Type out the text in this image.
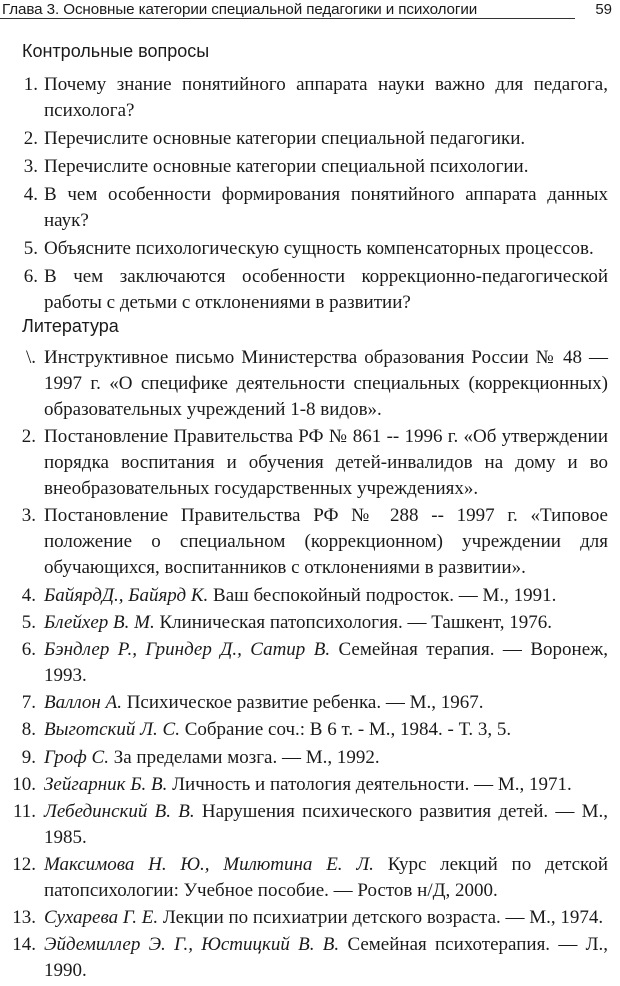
Глава 3. Основные категории специальной педагогики и психологии	59
Контрольные вопросы
1. Почему знание понятийного аппарата науки важно для педагога, психолога?
2. Перечислите основные категории специальной педагогики.
3. Перечислите основные категории специальной психологии.
4. В чем особенности формирования понятийного аппарата данных наук?
5. Объясните психологическую сущность компенсаторных процессов.
6. В чем заключаются особенности коррекционно-педагогической работы с детьми с отклонениями в развитии?
Литература
\. Инструктивное письмо Министерства образования России № 48 — 1997 г. «О специфике деятельности специальных (коррекционных) образовательных учреждений 1-8 видов».
2. Постановление Правительства РФ № 861 -- 1996 г. «Об утверждении порядка воспитания и обучения детей-инвалидов на дому и во внеобразовательных государственных учреждениях».
3. Постановление Правительства РФ № 288 -- 1997 г. «Типовое положение о специальном (коррекционном) учреждении для обучающихся, воспитанников с отклонениями в развитии».
4. БайярдД., Байярд К. Ваш беспокойный подросток. — М., 1991.
5. Блейхер В. М. Клиническая патопсихология. — Ташкент, 1976.
6. Бэндлер Р., Гриндер Д., Сатир В. Семейная терапия. — Воронеж, 1993.
7. Валлон А. Психическое развитие ребенка. — М., 1967.
8. Выготский Л. С. Собрание соч.: В 6 т. - М., 1984. - Т. 3, 5.
9. Гроф С. За пределами мозга. — М., 1992.
10. Зейгарник Б. В. Личность и патология деятельности. — М., 1971.
11. Лебединский В. В. Нарушения психического развития детей. — М., 1985.
12. Максимова Н. Ю., Милютина Е. Л. Курс лекций по детской патопсихологии: Учебное пособие. — Ростов н/Д, 2000.
13. Сухарева Г. Е. Лекции по психиатрии детского возраста. — М., 1974.
14. Эйдемиллер Э. Г., Юстицкий В. В. Семейная психотерапия. — Л., 1990.
